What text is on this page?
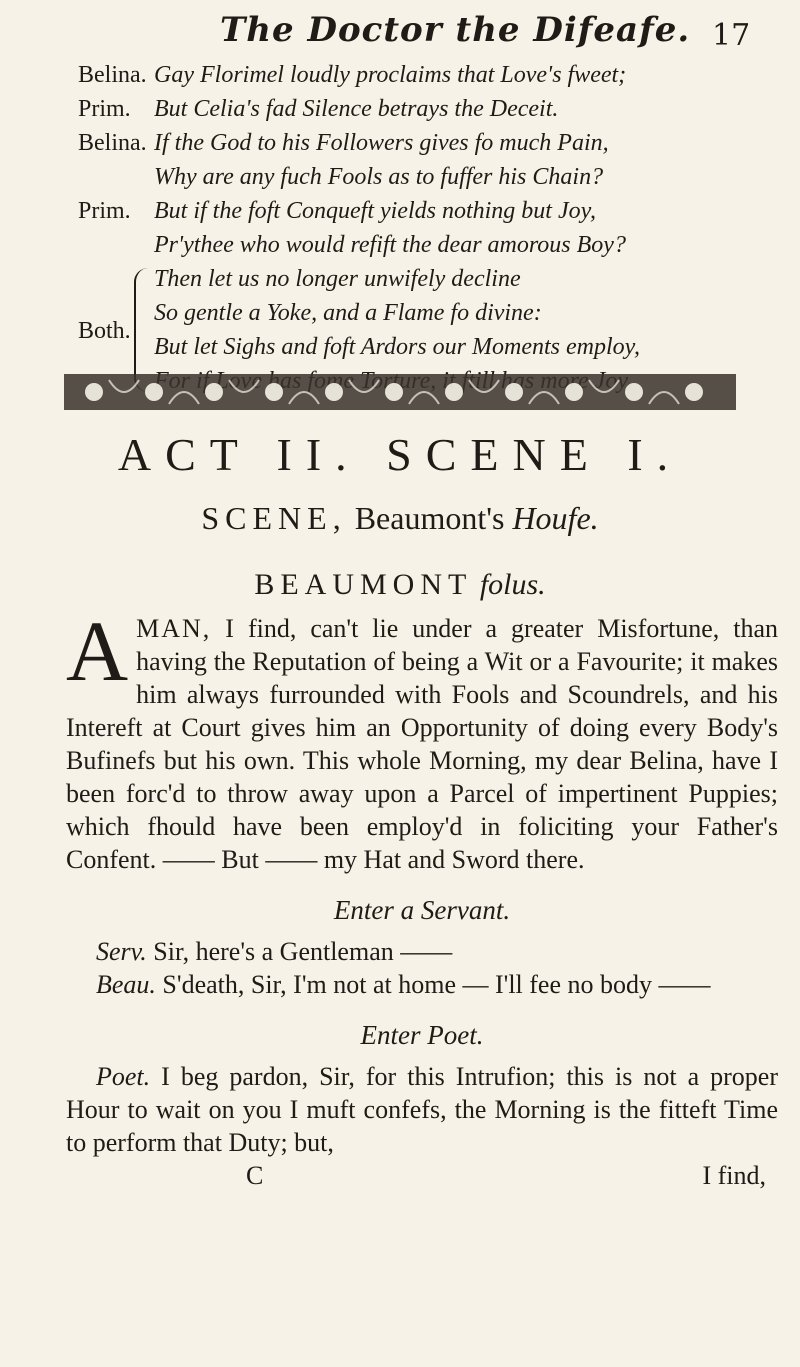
The Doctor the Difeafe. 17
Belina. Gay Florimel loudly proclaims that Love's fweet;
Prim. But Celia's fad Silence betrays the Deceit.
Belina. If the God to his Followers gives fo much Pain,
Why are any fuch Fools as to fuffer his Chain?
Prim. But if the foft Conqueft yields nothing but Joy,
Pr'ythee who would refift the dear amorous Boy?
Both.
Then let us no longer unwifely decline
So gentle a Yoke, and a Flame fo divine:
But let Sighs and foft Ardors our Moments employ,
ACT II. SCENE I.
SCENE, Beaumont's Houfe.
BEAUMONT folus.

A MAN, I find, can't lie under a greater Misfortune, than having the Reputation of being a Wit or a Favourite; it makes him always furrounded with Fools and Scoundrels, and his Intereft at Court gives him an Opportunity of doing every Body's Bufinefs but his own. This whole Morning, my dear Belina, have I been forc'd to throw away upon a Parcel of impertinent Puppies; which fhould have been employ'd in foliciting your Father's Confent. —— But —— my Hat and Sword there.

Enter a Servant.

Serv. Sir, here's a Gentleman ——

Beau. S'death, Sir, I'm not at home — I'll fee no body ——

Enter Poet.

Poet. I beg pardon, Sir, for this Intrufion; this is not a proper Hour to wait on you I muft confefs, the Morning is the fitteft Time to perform that Duty; but,

C	I find,
